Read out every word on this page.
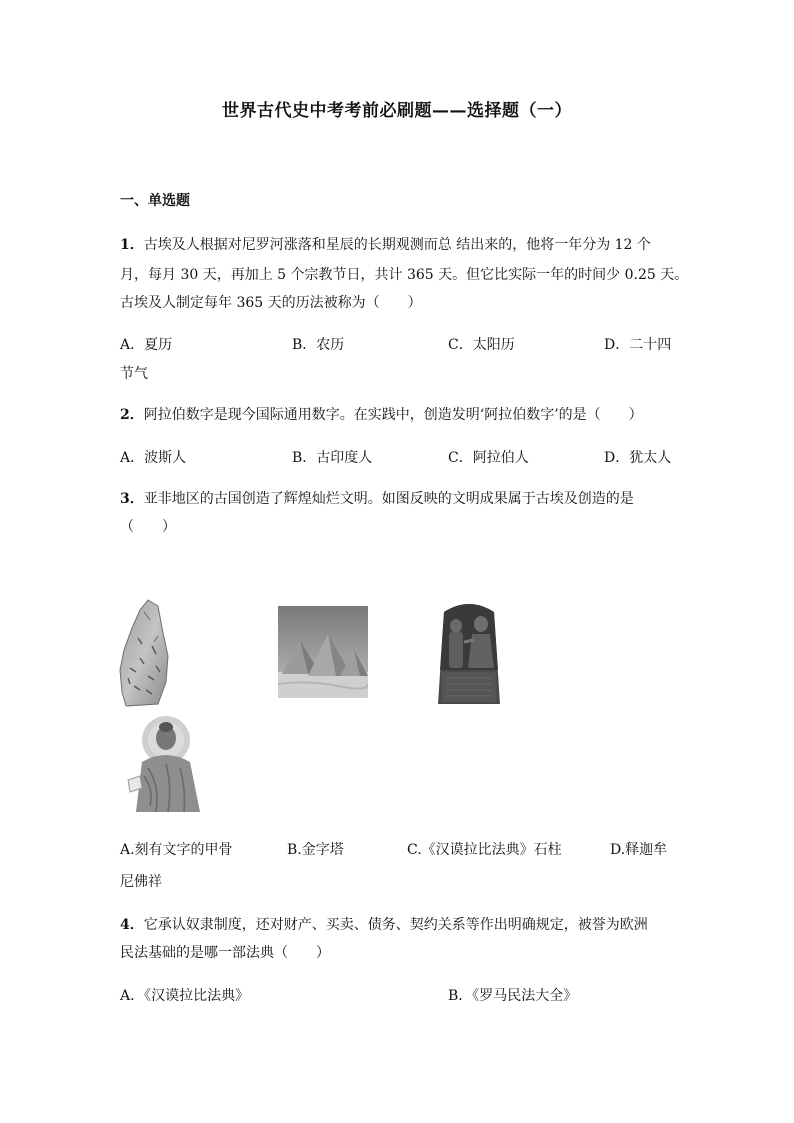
世界古代史中考考前必刷题——选择题（一）
一、单选题
1．古埃及人根据对尼罗河涨落和星辰的长期观测而总 结出来的，他将一年分为 12 个
月，每月 30 天，再加上 5 个宗教节日，共计 365 天。但它比实际一年的时间少 0.25 天。
古埃及人制定每年 365 天的历法被称为（　　）
A．夏历	B．农历	C．太阳历	D．二十四
节气
2．阿拉伯数字是现今国际通用数字。在实践中，创造发明‘阿拉伯数字’的是（　　）
A．波斯人	B．古印度人	C．阿拉伯人	D．犹太人
3．亚非地区的古国创造了辉煌灿烂文明。如图反映的文明成果属于古埃及创造的是
（　　）
A.刻有文字的甲骨	B.金字塔	C.《汉谟拉比法典》石柱	D.释迦牟
尼佛祥
4．它承认奴隶制度，还对财产、买卖、债务、契约关系等作出明确规定，被誉为欧洲
民法基础的是哪一部法典（　　）
A．《汉谟拉比法典》	B．《罗马民法大全》
